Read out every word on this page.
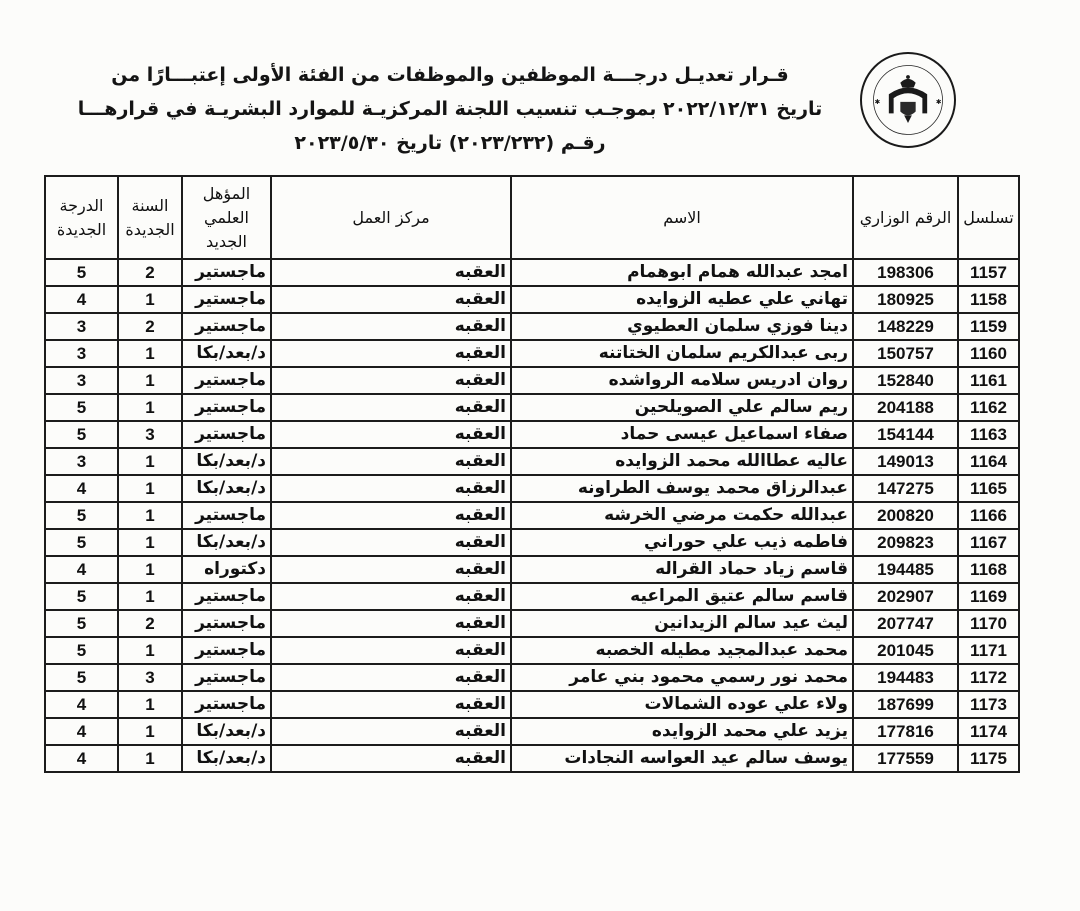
✱	✱
قـرار تعديـل درجـــة الموظفين والموظفات من الفئة الأولى إعتبـــارًا من
تاريخ ٢٠٢٢/١٢/٣١ بموجـب تنسيب اللجنة المركزيـة للموارد البشريـة في قرارهـــا
رقـم (٢٠٢٣/٢٣٢) تاريخ ٢٠٢٣/٥/٣٠
تسلسل	الرقم الوزاري	الاسم	مركز العمل	المؤهل العلمي الجديد	السنة الجديدة	الدرجة الجديدة
1157	198306	امجد عبدالله همام ابوهمام	العقبه	ماجستير	2	5
1158	180925	تهاني علي عطيه الزوايده	العقبه	ماجستير	1	4
1159	148229	دينا فوزي سلمان العطيوي	العقبه	ماجستير	2	3
1160	150757	ربى عبدالكريم سلمان الختاتنه	العقبه	د/بعد/بكا	1	3
1161	152840	روان ادريس سلامه الرواشده	العقبه	ماجستير	1	3
1162	204188	ريم سالم علي الصويلحين	العقبه	ماجستير	1	5
1163	154144	صفاء اسماعيل عيسى حماد	العقبه	ماجستير	3	5
1164	149013	عاليه عطاالله محمد الزوايده	العقبه	د/بعد/بكا	1	3
1165	147275	عبدالرزاق محمد يوسف الطراونه	العقبه	د/بعد/بكا	1	4
1166	200820	عبدالله حكمت مرضي الخرشه	العقبه	ماجستير	1	5
1167	209823	فاطمه ذيب علي حوراني	العقبه	د/بعد/بكا	1	5
1168	194485	قاسم زياد حماد القراله	العقبه	دكتوراه	1	4
1169	202907	قاسم سالم عتيق المراعيه	العقبه	ماجستير	1	5
1170	207747	ليث عيد سالم الزيدانين	العقبه	ماجستير	2	5
1171	201045	محمد عبدالمجيد مطيله الخصبه	العقبه	ماجستير	1	5
1172	194483	محمد نور رسمي محمود بني عامر	العقبه	ماجستير	3	5
1173	187699	ولاء علي عوده الشمالات	العقبه	ماجستير	1	4
1174	177816	يزيد علي محمد الزوايده	العقبه	د/بعد/بكا	1	4
1175	177559	يوسف سالم عيد العواسه النجادات	العقبه	د/بعد/بكا	1	4
